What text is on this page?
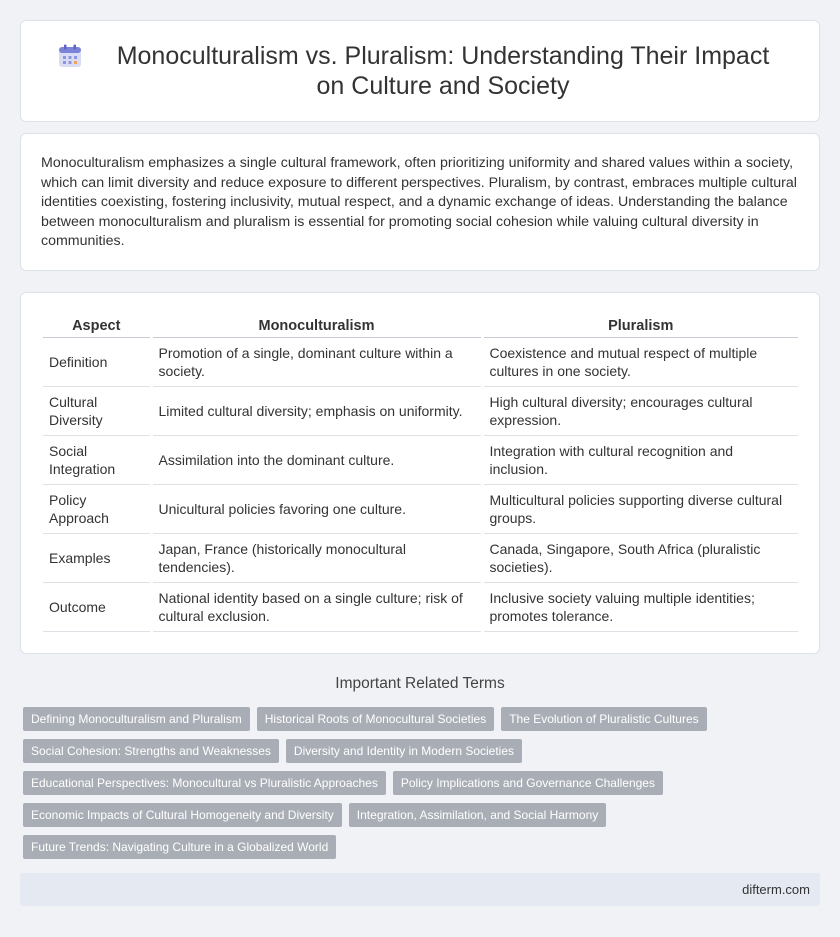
Monoculturalism vs. Pluralism: Understanding Their Impact on Culture and Society

Monoculturalism emphasizes a single cultural framework, often prioritizing uniformity and shared values within a society, which can limit diversity and reduce exposure to different perspectives. Pluralism, by contrast, embraces multiple cultural identities coexisting, fostering inclusivity, mutual respect, and a dynamic exchange of ideas. Understanding the balance between monoculturalism and pluralism is essential for promoting social cohesion while valuing cultural diversity in communities.

Aspect	Monoculturalism	Pluralism
Definition	Promotion of a single, dominant culture within a society.	Coexistence and mutual respect of multiple cultures in one society.
Cultural Diversity	Limited cultural diversity; emphasis on uniformity.	High cultural diversity; encourages cultural expression.
Social Integration	Assimilation into the dominant culture.	Integration with cultural recognition and inclusion.
Policy Approach	Unicultural policies favoring one culture.	Multicultural policies supporting diverse cultural groups.
Examples	Japan, France (historically monocultural tendencies).	Canada, Singapore, South Africa (pluralistic societies).
Outcome	National identity based on a single culture; risk of cultural exclusion.	Inclusive society valuing multiple identities; promotes tolerance.
Important Related Terms
Defining Monoculturalism and Pluralism	Historical Roots of Monocultural Societies	The Evolution of Pluralistic Cultures
Social Cohesion: Strengths and Weaknesses	Diversity and Identity in Modern Societies
Educational Perspectives: Monocultural vs Pluralistic Approaches	Policy Implications and Governance Challenges
Economic Impacts of Cultural Homogeneity and Diversity	Integration, Assimilation, and Social Harmony
Future Trends: Navigating Culture in a Globalized World
difterm.com
